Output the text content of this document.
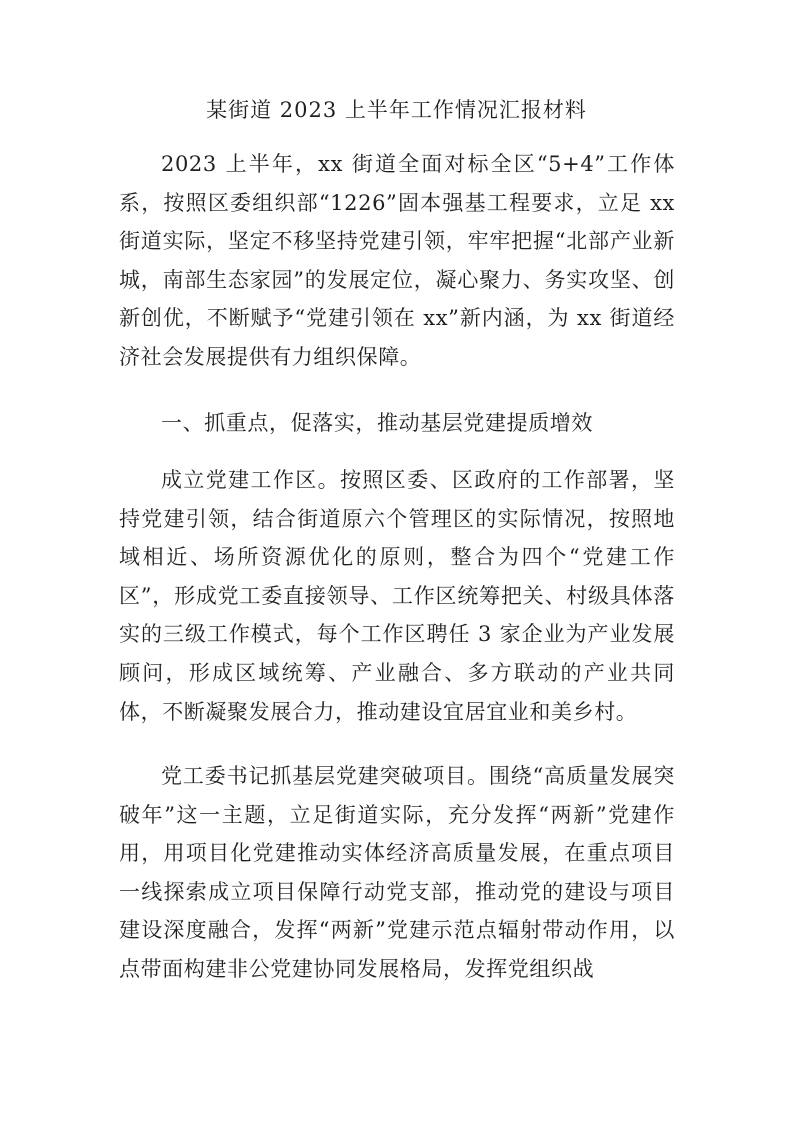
某街道 2023 上半年工作情况汇报材料

2023 上半年，xx 街道全面对标全区“5+4”工作体系，按照区委组织部“1226”固本强基工程要求，立足 xx 街道实际，坚定不移坚持党建引领，牢牢把握“北部产业新城，南部生态家园”的发展定位，凝心聚力、务实攻坚、创新创优，不断赋予“党建引领在 xx”新内涵，为 xx 街道经济社会发展提供有力组织保障。

一、抓重点，促落实，推动基层党建提质增效

成立党建工作区。按照区委、区政府的工作部署，坚持党建引领，结合街道原六个管理区的实际情况，按照地域相近、场所资源优化的原则，整合为四个“党建工作区”，形成党工委直接领导、工作区统筹把关、村级具体落实的三级工作模式，每个工作区聘任 3 家企业为产业发展顾问，形成区域统筹、产业融合、多方联动的产业共同体，不断凝聚发展合力，推动建设宜居宜业和美乡村。

党工委书记抓基层党建突破项目。围绕“高质量发展突破年”这一主题，立足街道实际，充分发挥“两新”党建作用，用项目化党建推动实体经济高质量发展，在重点项目一线探索成立项目保障行动党支部，推动党的建设与项目建设深度融合，发挥“两新”党建示范点辐射带动作用，以点带面构建非公党建协同发展格局，发挥党组织战
